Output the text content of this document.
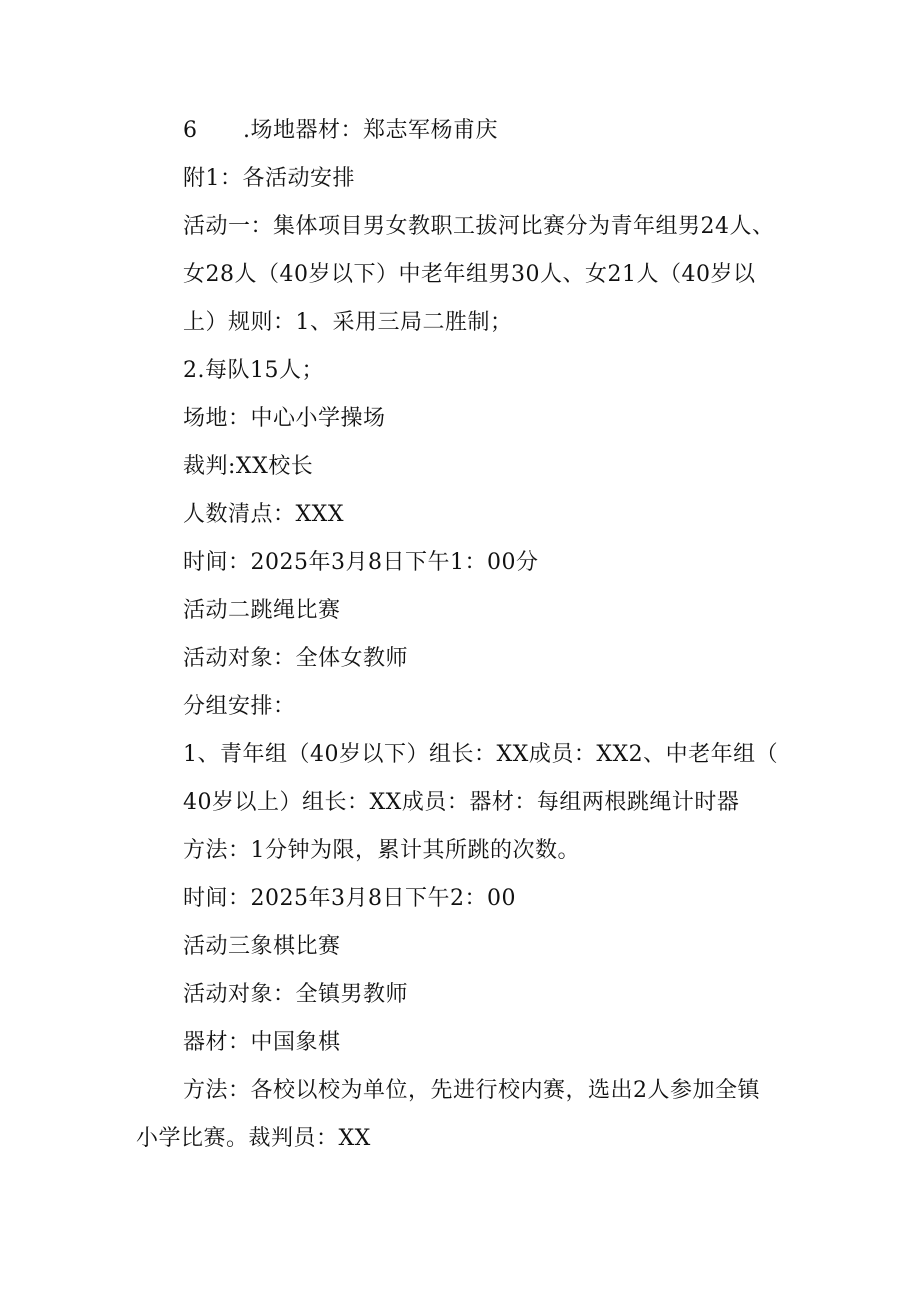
6 .场地器材：郑志军杨甫庆
附1：各活动安排
活动一：集体项目男女教职工拔河比赛分为青年组男24人、
女28人（40岁以下）中老年组男30人、女21人（40岁以
上）规则：1、采用三局二胜制；
2.每队15人；
场地：中心小学操场
裁判:XX校长
人数清点：XXX
时间：2025年3月8日下午1：00分
活动二跳绳比赛
活动对象：全体女教师
分组安排：
1、青年组（40岁以下）组长：XX成员：XX2、中老年组（
40岁以上）组长：XX成员：器材：每组两根跳绳计时器
方法：1分钟为限，累计其所跳的次数。
时间：2025年3月8日下午2：00
活动三象棋比赛
活动对象：全镇男教师
器材：中国象棋
方法：各校以校为单位，先进行校内赛，选出2人参加全镇
小学比赛。裁判员：XX
